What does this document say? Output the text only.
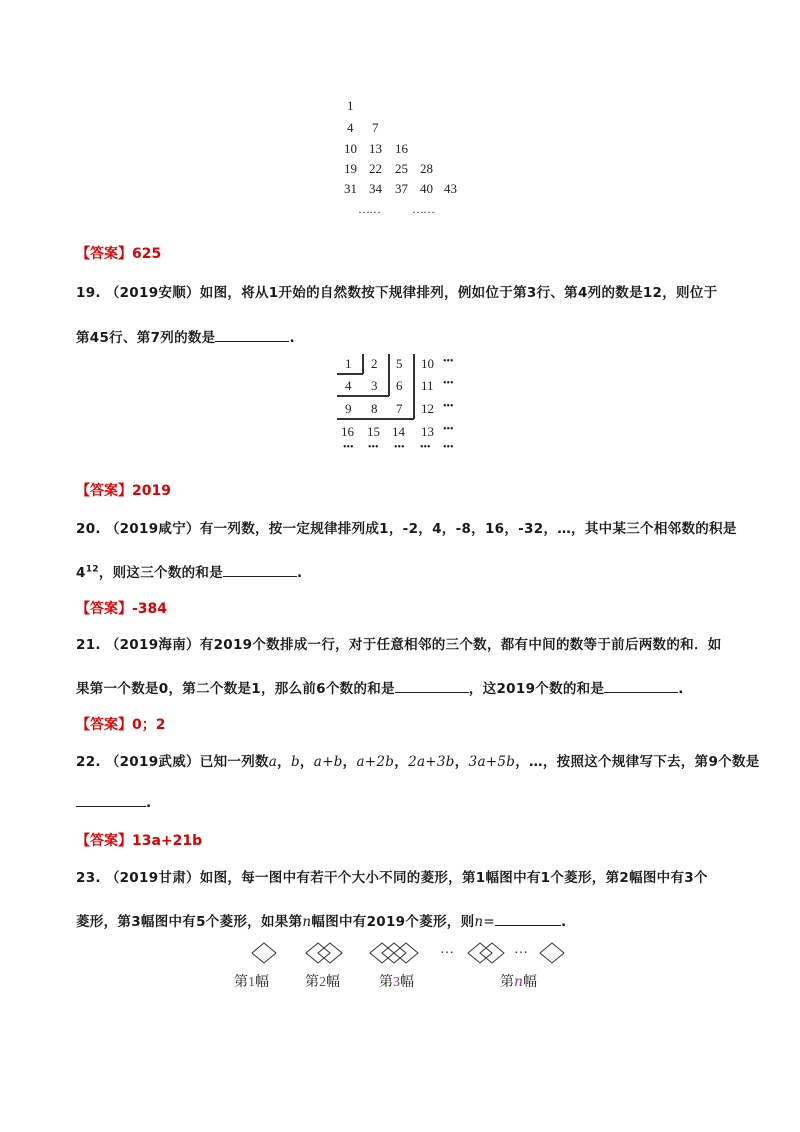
1
4 7
10 13 16
19 22 25 28
31 34 37 40 43
……	……
【答案】625
19. （2019安顺）如图，将从1开始的自然数按下规律排列，例如位于第3行、第4列的数是12，则位于
第45行、第7列的数是	.
1 2 5 10 •••
4 3 6 11 •••
9 8 7 12 •••
16 15 14 13 •••
••• ••• ••• ••• •••
【答案】2019
20. （2019咸宁）有一列数，按一定规律排列成1，-2，4，-8，16，-32，…，其中某三个相邻数的积是
$4^{12}$，则这三个数的和是	.
【答案】-384
21. （2019海南）有2019个数排成一行，对于任意相邻的三个数，都有中间的数等于前后两数的和．如
果第一个数是0，第二个数是1，那么前6个数的和是	，这2019个数的和是	.
【答案】0；2
22. （2019武威）已知一列数a，b，a+b，a+2b，2a+3b，3a+5b，…，按照这个规律写下去，第9个数是
.
【答案】13a+21b
23. （2019甘肃）如图，每一图中有若干个大小不同的菱形，第1幅图中有1个菱形，第2幅图中有3个
菱形，第3幅图中有5个菱形，如果第n幅图中有2019个菱形，则n=	.
…	…
第1幅	第2幅	第3幅	第n幅
